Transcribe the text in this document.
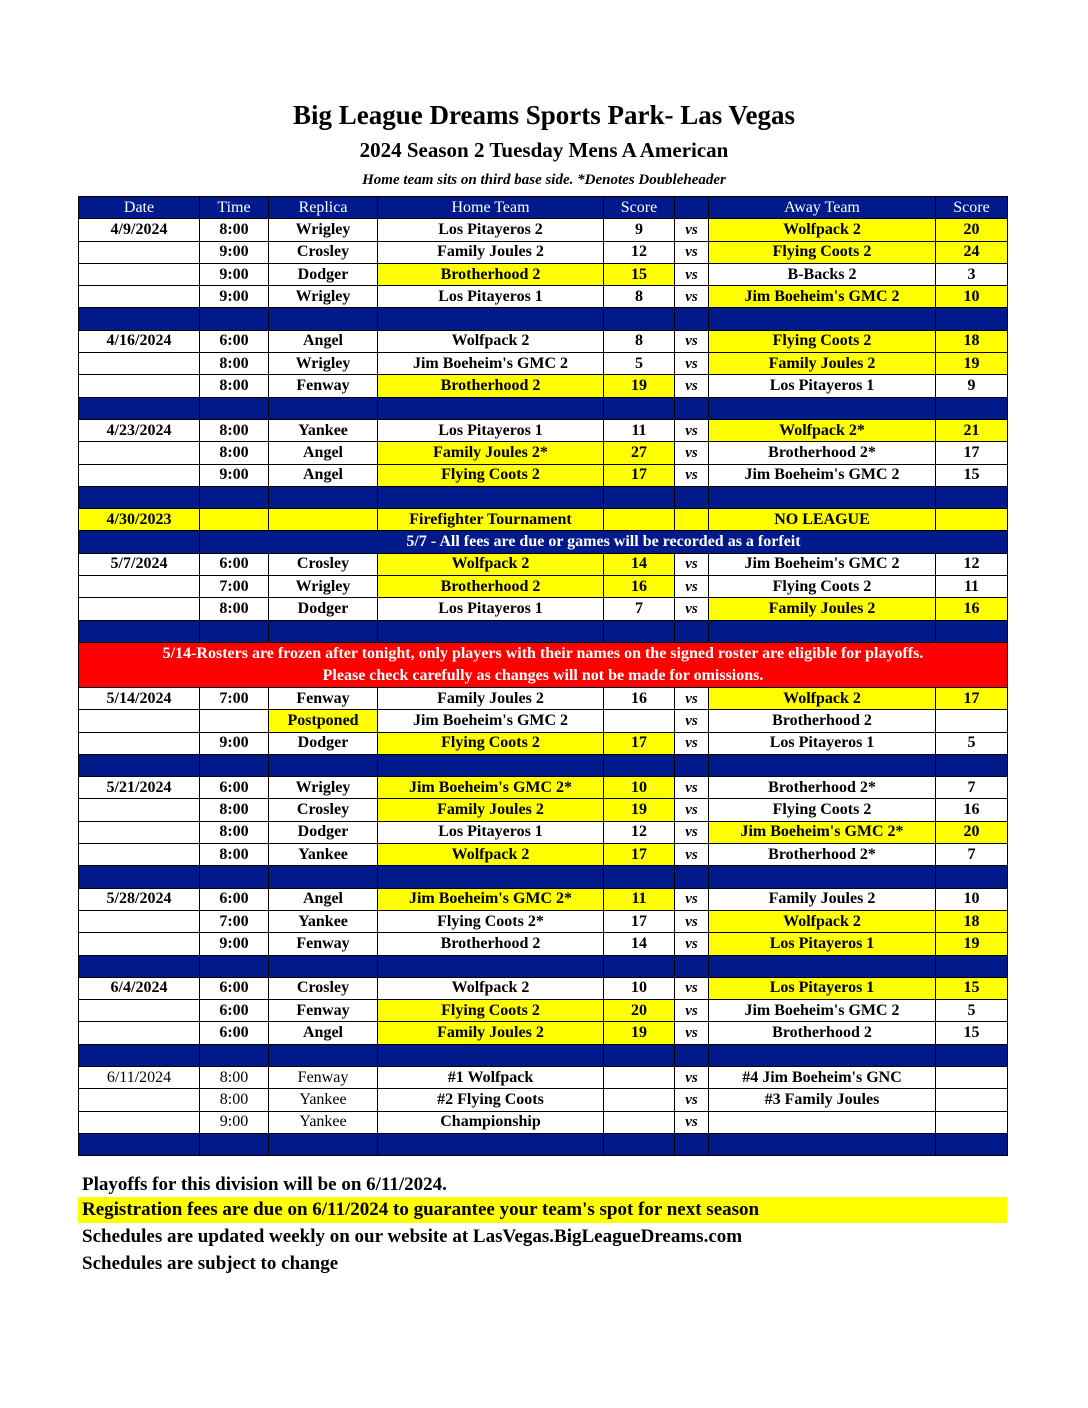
Big League Dreams Sports Park- Las Vegas
2024 Season 2 Tuesday Mens A American
Home team sits on third base side. *Denotes Doubleheader
Date	Time	Replica	Home Team	Score		Away Team	Score
4/9/2024	8:00	Wrigley	Los Pitayeros 2	9	vs	Wolfpack 2	20
	9:00	Crosley	Family Joules 2	12	vs	Flying Coots 2	24
	9:00	Dodger	Brotherhood 2	15	vs	B-Backs 2	3
	9:00	Wrigley	Los Pitayeros 1	8	vs	Jim Boeheim's GMC 2	10

4/16/2024	6:00	Angel	Wolfpack 2	8	vs	Flying Coots 2	18
	8:00	Wrigley	Jim Boeheim's GMC 2	5	vs	Family Joules 2	19
	8:00	Fenway	Brotherhood 2	19	vs	Los Pitayeros 1	9

4/23/2024	8:00	Yankee	Los Pitayeros 1	11	vs	Wolfpack 2*	21
	8:00	Angel	Family Joules 2*	27	vs	Brotherhood 2*	17
	9:00	Angel	Flying Coots 2	17	vs	Jim Boeheim's GMC 2	15

4/30/2023			Firefighter Tournament			NO LEAGUE	
	5/7 - All fees are due or games will be recorded as a forfeit						
5/7/2024	6:00	Crosley	Wolfpack 2	14	vs	Jim Boeheim's GMC 2	12
	7:00	Wrigley	Brotherhood 2	16	vs	Flying Coots 2	11
	8:00	Dodger	Los Pitayeros 1	7	vs	Family Joules 2	16

5/14-Rosters are frozen after tonight, only players with their names on the signed roster are eligible for playoffs.
Please check carefully as changes will not be made for omissions.							

5/14/2024	7:00	Fenway	Family Joules 2	16	vs	Wolfpack 2	17
		Postponed	Jim Boeheim's GMC 2		vs	Brotherhood 2	
	9:00	Dodger	Flying Coots 2	17	vs	Los Pitayeros 1	5

5/21/2024	6:00	Wrigley	Jim Boeheim's GMC 2*	10	vs	Brotherhood 2*	7
	8:00	Crosley	Family Joules 2	19	vs	Flying Coots 2	16
	8:00	Dodger	Los Pitayeros 1	12	vs	Jim Boeheim's GMC 2*	20
	8:00	Yankee	Wolfpack 2	17	vs	Brotherhood 2*	7

5/28/2024	6:00	Angel	Jim Boeheim's GMC 2*	11	vs	Family Joules 2	10
	7:00	Yankee	Flying Coots 2*	17	vs	Wolfpack 2	18
	9:00	Fenway	Brotherhood 2	14	vs	Los Pitayeros 1	19

6/4/2024	6:00	Crosley	Wolfpack 2	10	vs	Los Pitayeros 1	15
	6:00	Fenway	Flying Coots 2	20	vs	Jim Boeheim's GMC 2	5
	6:00	Angel	Family Joules 2	19	vs	Brotherhood 2	15

6/11/2024	8:00	Fenway	#1 Wolfpack		vs	#4 Jim Boeheim's GNC	
	8:00	Yankee	#2 Flying Coots		vs	#3 Family Joules	
	9:00	Yankee	Championship		vs		

Playoffs for this division will be on 6/11/2024.
Registration fees are due on 6/11/2024 to guarantee your team's spot for next season
Schedules are updated weekly on our website at LasVegas.BigLeagueDreams.com
Schedules are subject to change
